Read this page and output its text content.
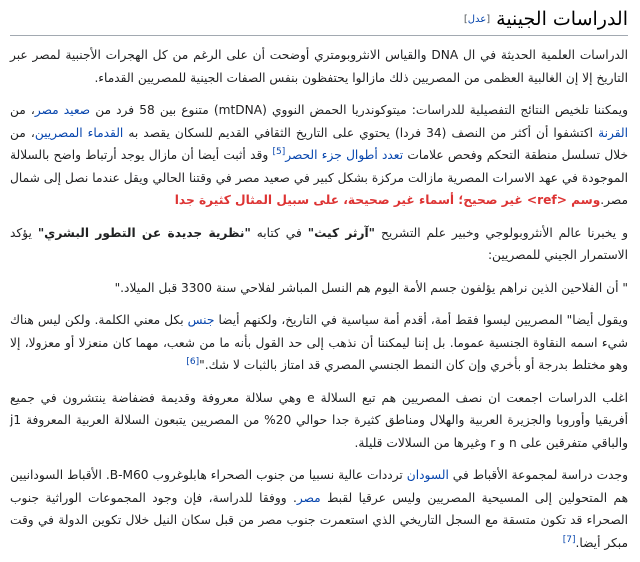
الدراسات الجينية[عدل]

الدراسات العلمية الحديثة في ال DNA والقياس الانثروبومتري أوضحت أن على الرغم من كل الهجرات الأجنبية لمصر عبر التاريخ إلا إن الغالبية العظمى من المصريين ذلك مازالوا يحتفظون بنفس الصفات الجينية للمصريين القدماء.

ويمكننا تلخيص النتائج التفصيلية للدراسات: ميتوكوندريا الحمض النووي (mtDNA) متنوع بين 58 فرد من صعيد مصر، من القرنة اكتشفوا أن أكثر من النصف (34 فردا) يحتوي على التاريخ الثقافي القديم للسكان يقصد به القدماء المصريين، من خلال تسلسل منطقة التحكم وفحص علامات تعدد أطوال جزء الحصر[5] وقد أثبت أيضا أن مازال يوجد أرتباط واضح بالسلالة الموجودة في عهد الاسرات المصرية مازالت مركزة بشكل كبير في صعيد مصر في وقتنا الحالي ويقل عندما نصل إلى شمال مصر.وسم <ref> غير صحيح؛ أسماء غير صحيحة، على سبيل المثال كثيرة جدا

و يخبرنا عالم الأنثروبولوجي وخبير علم التشريح "آرثر كيث" في كتابه "نظرية جديدة عن التطور البشري" يؤكد الاستمرار الجيني للمصريين:

" أن الفلاحين الذين نراهم يؤلفون جسم الأمة اليوم هم النسل المباشر لفلاحي سنة 3300 قبل الميلاد."

ويقول أيضا" المصريين ليسوا فقط أمة، أقدم أمة سياسية في التاريخ، ولكنهم أيضا جنس بكل معني الكلمة. ولكن ليس هناك شيء اسمه النقاوة الجنسية عموما. بل إننا ليمكننا أن نذهب إلى حد القول بأنه ما من شعب، مهما كان منعزلا أو معزولا، إلا وهو مختلط بدرجة أو بأخري وإن كان النمط الجنسي المصري قد امتاز بالثبات لا شك."[6]

اغلب الدراسات اجمعت ان نصف المصريين هم تبع السلالة e وهي سلالة معروفة وقديمة فضفاضة ينتشرون في جميع أفريقيا وأوروبا والجزيرة العربية والهلال ومناطق كثيرة جدا حوالي 20% من المصريين يتبعون السلالة العربية المعروفة j1 والباقي متفرقين على n و r وغيرها من السلالات قليلة.

وجدت دراسة لمجموعة الأقباط في السودان ترددات عالية نسبيا من جنوب الصحراء هابلوغروب B-M60. الأقباط السودانيين هم المتحولين إلى المسيحية المصريين وليس عرقيا لقبط مصر. ووفقا للدراسة، فإن وجود المجموعات الوراثية جنوب الصحراء قد تكون متسقة مع السجل التاريخي الذي استعمرت جنوب مصر من قبل سكان النيل خلال تكوين الدولة في وقت مبكر أيضا.[7]
